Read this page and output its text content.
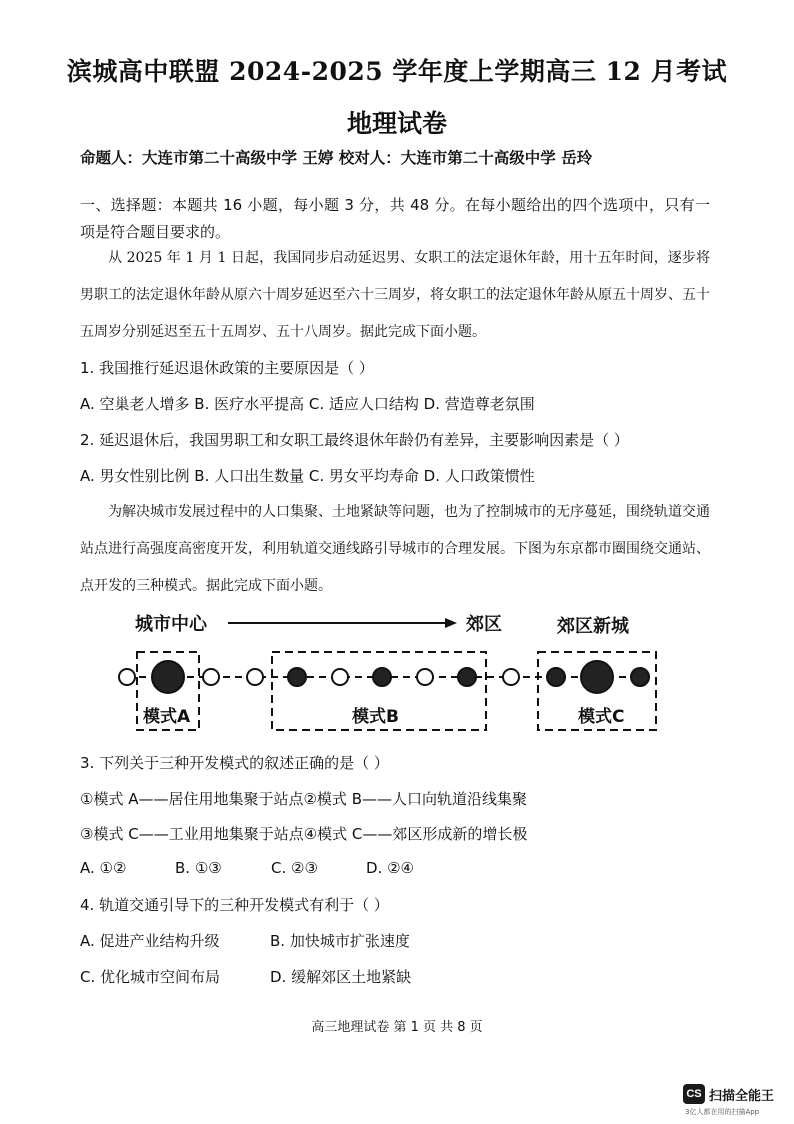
滨城高中联盟 2024-2025 学年度上学期高三 12 月考试
地理试卷
命题人：大连市第二十高级中学 王婷 校对人：大连市第二十高级中学 岳玲
一、选择题：本题共 16 小题，每小题 3 分，共 48 分。在每小题给出的四个选项中，只有一项是符合题目要求的。
从 2025 年 1 月 1 日起，我国同步启动延迟男、女职工的法定退休年龄，用十五年时间，逐步将男职工的法定退休年龄从原六十周岁延迟至六十三周岁，将女职工的法定退休年龄从原五十周岁、五十五周岁分别延迟至五十五周岁、五十八周岁。据此完成下面小题。
1. 我国推行延迟退休政策的主要原因是（ ）
A. 空巢老人增多 B. 医疗水平提高 C. 适应人口结构 D. 营造尊老氛围
2. 延迟退休后，我国男职工和女职工最终退休年龄仍有差异，主要影响因素是（ ）
A. 男女性别比例 B. 人口出生数量 C. 男女平均寿命 D. 人口政策惯性
为解决城市发展过程中的人口集聚、土地紧缺等问题，也为了控制城市的无序蔓延，围绕轨道交通站点进行高强度高密度开发，利用轨道交通线路引导城市的合理发展。下图为东京都市圈围绕交通站、点开发的三种模式。据此完成下面小题。
城市中心	郊区	郊区新城
模式A	模式B	模式C
3. 下列关于三种开发模式的叙述正确的是（ ）
①模式 A——居住用地集聚于站点②模式 B——人口向轨道沿线集聚
③模式 C——工业用地集聚于站点④模式 C——郊区形成新的增长极
A. ①②	B. ①③	C. ②③	D. ②④
4. 轨道交通引导下的三种开发模式有利于（ ）
A. 促进产业结构升级	B. 加快城市扩张速度
C. 优化城市空间布局	D. 缓解郊区土地紧缺
高三地理试卷 第 1 页 共 8 页
CS 扫描全能王
3亿人都在用的扫描App
